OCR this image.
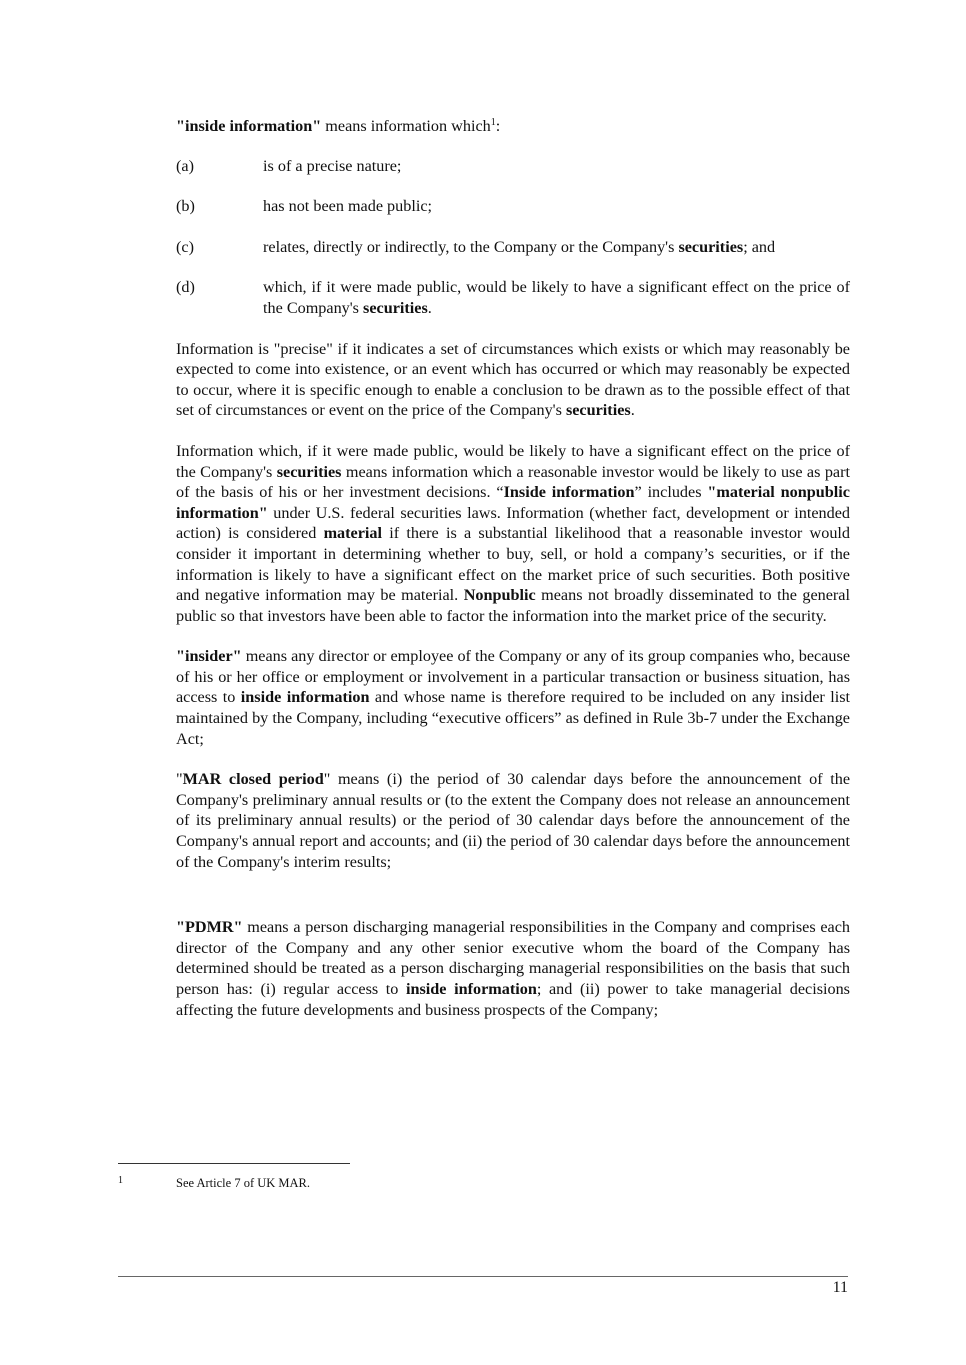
"inside information" means information which$^1$:

(a)	is of a precise nature;
(b)	has not been made public;
(c)	relates, directly or indirectly, to the Company or the Company's securities; and
(d)	which, if it were made public, would be likely to have a significant effect on the price of the Company's securities.

Information is "precise" if it indicates a set of circumstances which exists or which may reasonably be expected to come into existence, or an event which has occurred or which may reasonably be expected to occur, where it is specific enough to enable a conclusion to be drawn as to the possible effect of that set of circumstances or event on the price of the Company's securities.

Information which, if it were made public, would be likely to have a significant effect on the price of the Company's securities means information which a reasonable investor would be likely to use as part of the basis of his or her investment decisions. “Inside information” includes "material nonpublic information" under U.S. federal securities laws. Information (whether fact, development or intended action) is considered material if there is a substantial likelihood that a reasonable investor would consider it important in determining whether to buy, sell, or hold a company’s securities, or if the information is likely to have a significant effect on the market price of such securities. Both positive and negative information may be material. Nonpublic means not broadly disseminated to the general public so that investors have been able to factor the information into the market price of the security.

"insider" means any director or employee of the Company or any of its group companies who, because of his or her office or employment or involvement in a particular transaction or business situation, has access to inside information and whose name is therefore required to be included on any insider list maintained by the Company, including “executive officers” as defined in Rule 3b-7 under the Exchange Act;

"MAR closed period" means (i) the period of 30 calendar days before the announcement of the Company's preliminary annual results or (to the extent the Company does not release an announcement of its preliminary annual results) or the period of 30 calendar days before the announcement of the Company's annual report and accounts; and (ii) the period of 30 calendar days before the announcement of the Company's interim results;

"PDMR" means a person discharging managerial responsibilities in the Company and comprises each director of the Company and any other senior executive whom the board of the Company has determined should be treated as a person discharging managerial responsibilities on the basis that such person has: (i) regular access to inside information; and (ii) power to take managerial decisions affecting the future developments and business prospects of the Company;

1	See Article 7 of UK MAR.
11
